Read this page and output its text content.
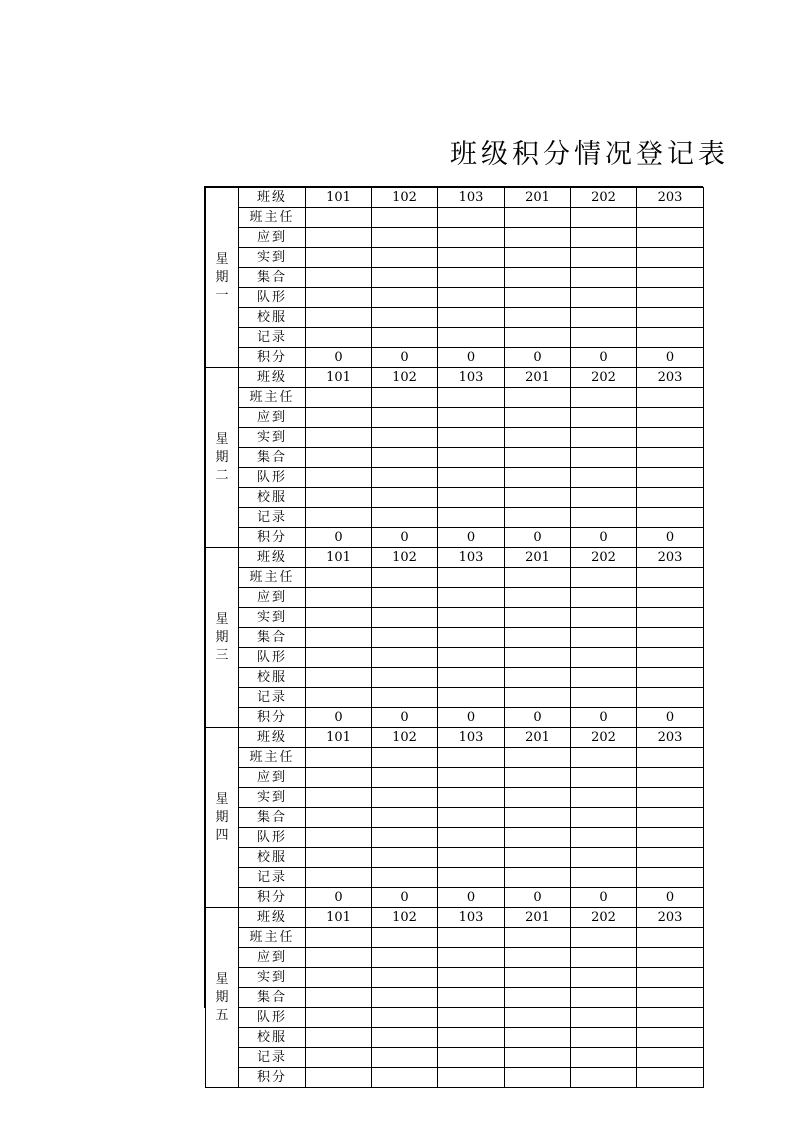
班级积分情况登记表
星
期
一	班级	101	102	103	201	202	203
	班主任						
	应到						
	实到						
	集合						
	队形						
	校服						
	记录						
	积分	0	0	0	0	0	0

星
期
二	班级	101	102	103	201	202	203
	班主任						
	应到						
	实到						
	集合						
	队形						
	校服						
	记录						
	积分	0	0	0	0	0	0

星
期
三	班级	101	102	103	201	202	203
	班主任						
	应到						
	实到						
	集合						
	队形						
	校服						
	记录						
	积分	0	0	0	0	0	0

星
期
四	班级	101	102	103	201	202	203
	班主任						
	应到						
	实到						
	集合						
	队形						
	校服						
	记录						
	积分	0	0	0	0	0	0

星
期
五	班级	101	102	103	201	202	203
	班主任						
	应到						
	实到						
	集合						
	队形						
	校服						
	记录						
	积分						
